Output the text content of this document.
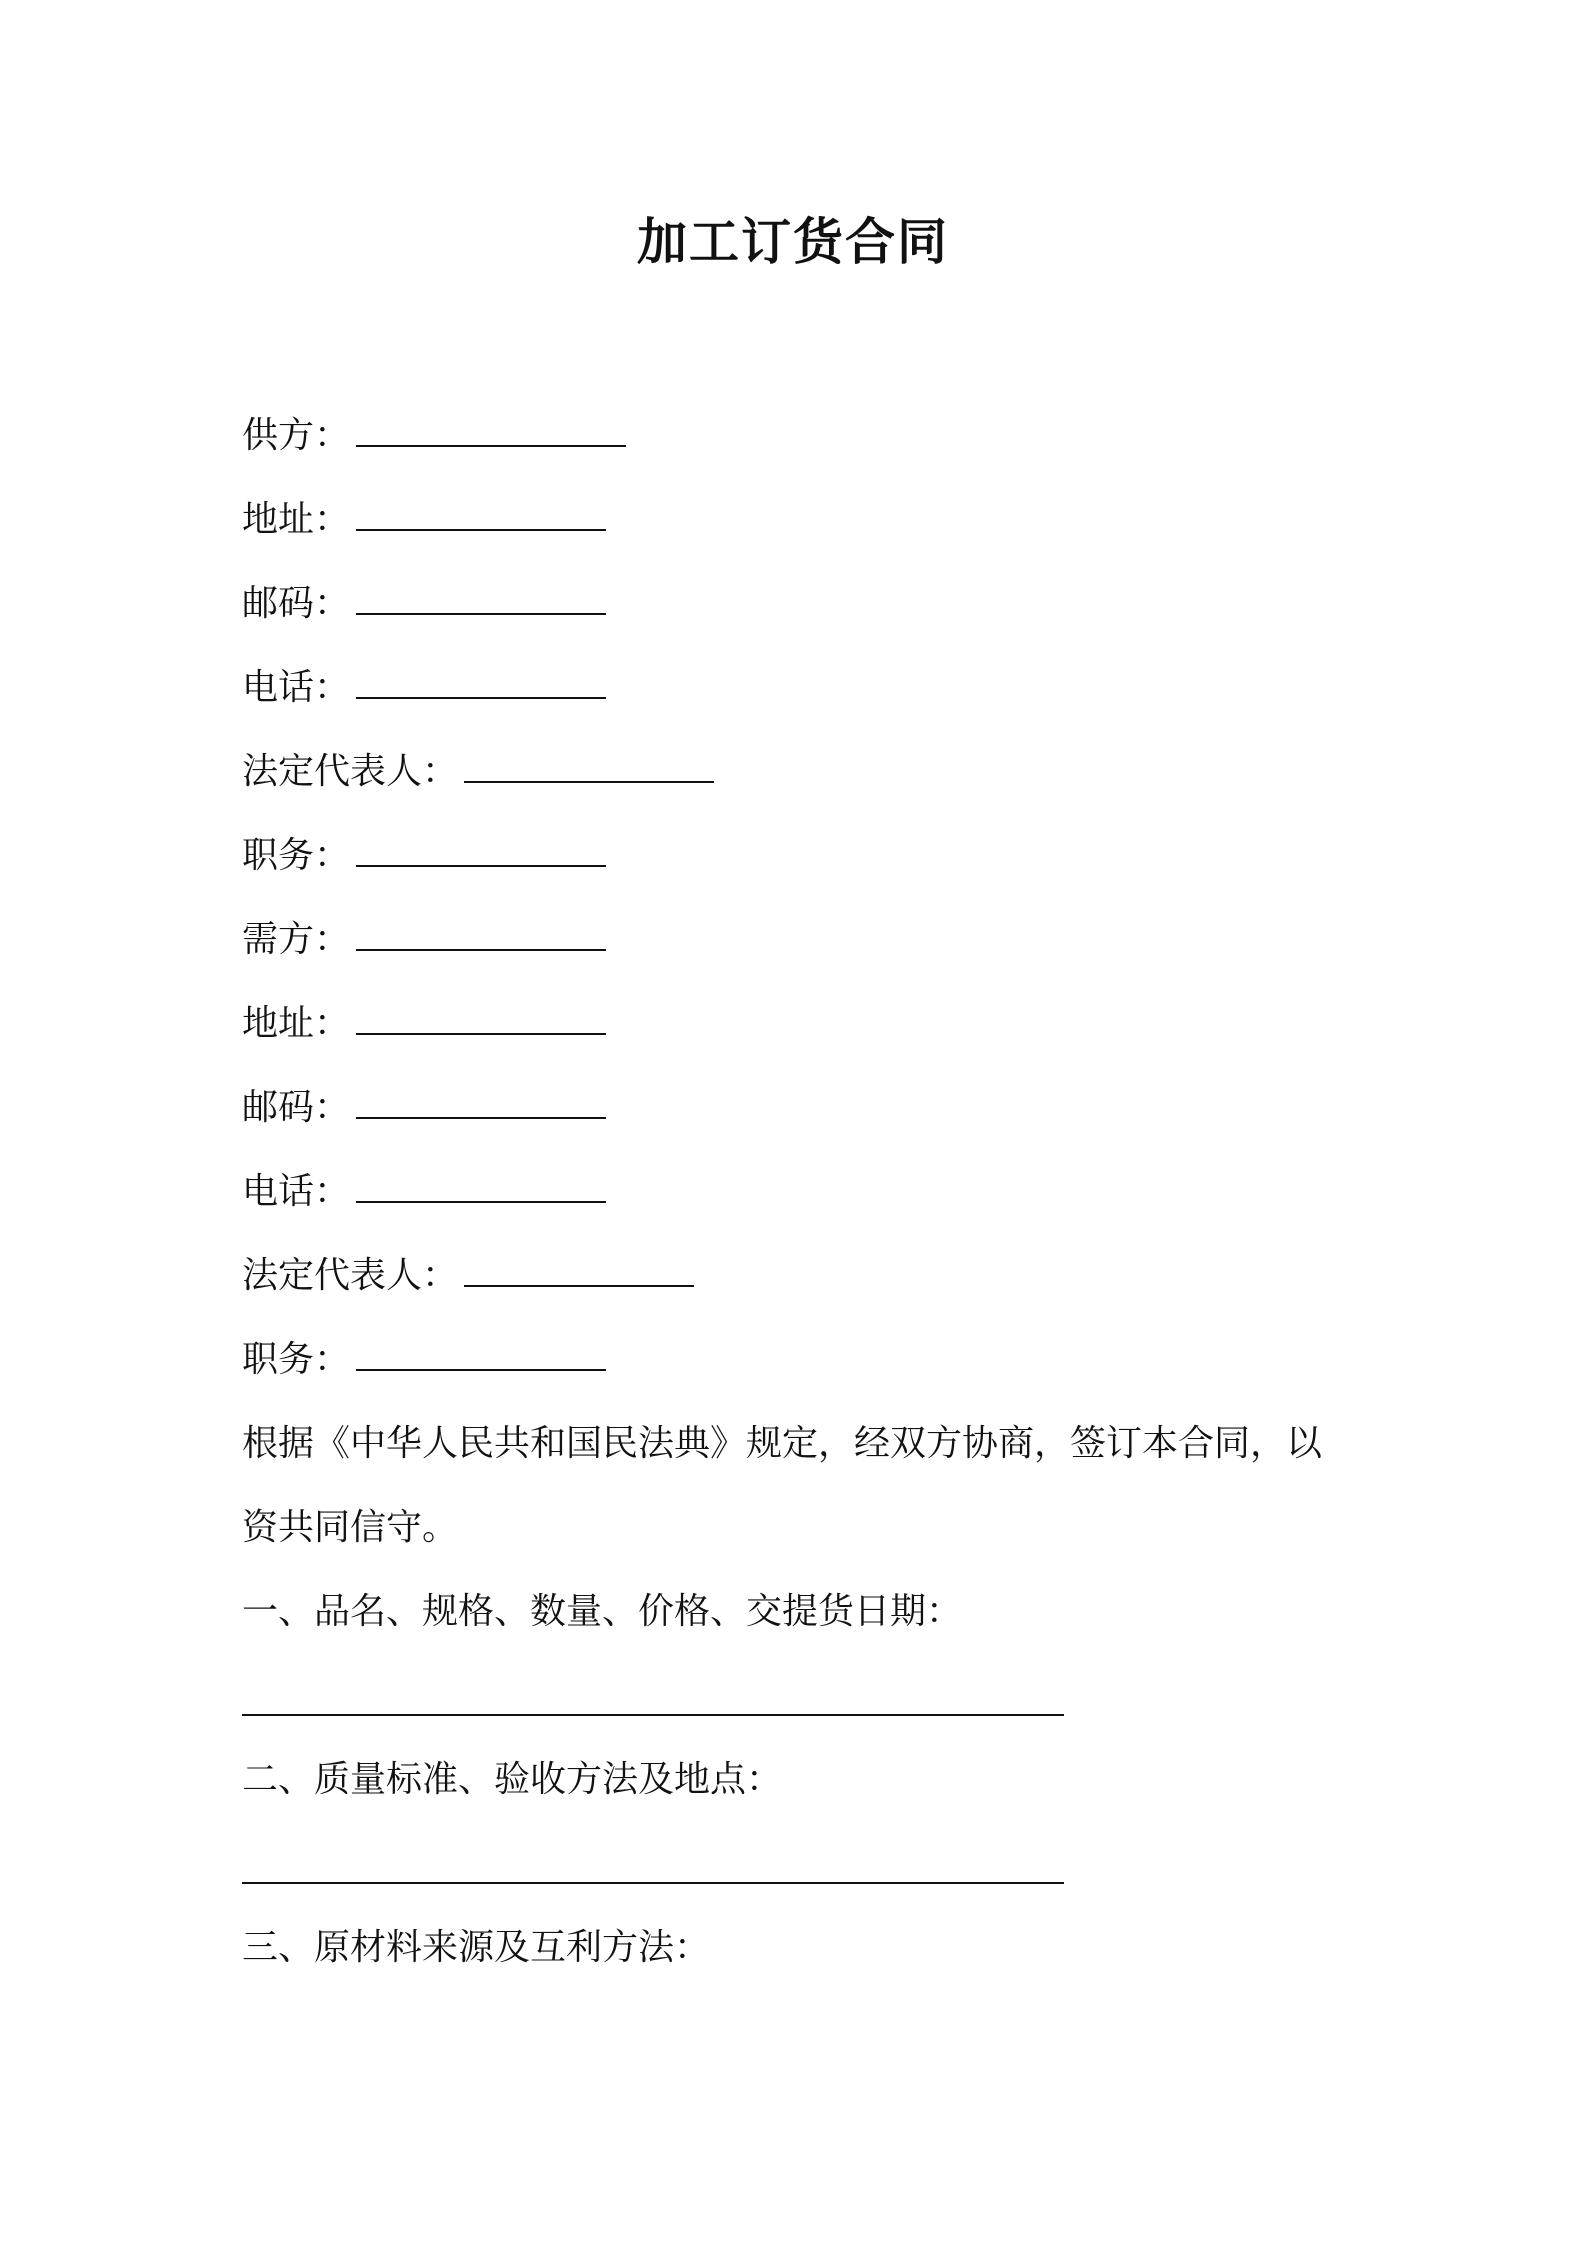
加工订货合同
供方：
地址：
邮码：
电话：
法定代表人：
职务：
需方：
地址：
邮码：
电话：
法定代表人：
职务：
根据《中华人民共和国民法典》规定，经双方协商，签订本合同，以
资共同信守。
一、品名、规格、数量、价格、交提货日期：
二、质量标准、验收方法及地点：
三、原材料来源及互利方法：
